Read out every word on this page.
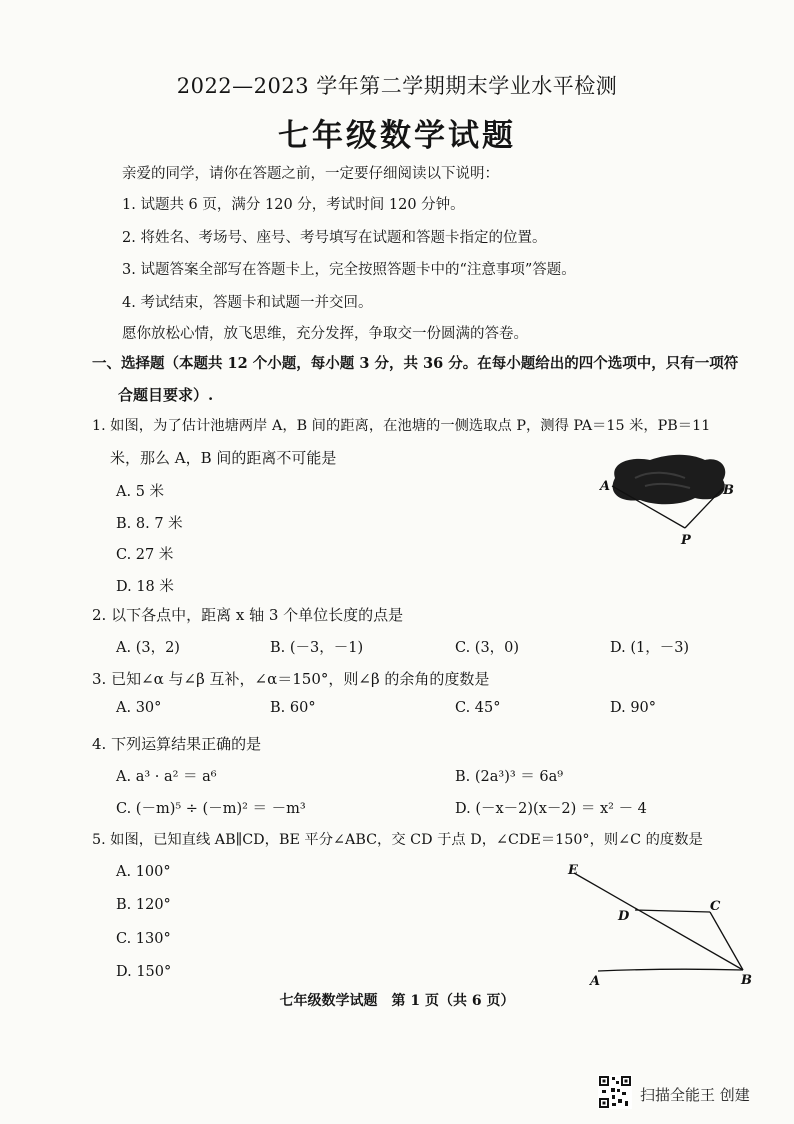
2022—2023 学年第二学期期末学业水平检测
七年级数学试题
亲爱的同学，请你在答题之前，一定要仔细阅读以下说明：
1. 试题共 6 页，满分 120 分，考试时间 120 分钟。
2. 将姓名、考场号、座号、考号填写在试题和答题卡指定的位置。
3. 试题答案全部写在答题卡上，完全按照答题卡中的“注意事项”答题。
4. 考试结束，答题卡和试题一并交回。
愿你放松心情，放飞思维，充分发挥，争取交一份圆满的答卷。
一、选择题（本题共 12 个小题，每小题 3 分，共 36 分。在每小题给出的四个选项中，只有一项符
合题目要求）.
1. 如图，为了估计池塘两岸 A，B 间的距离，在池塘的一侧选取点 P，测得 PA＝15 米，PB＝11
米，那么 A，B 间的距离不可能是
A. 5 米
B. 8. 7 米
C. 27 米
D. 18 米
A	B
P
2. 以下各点中，距离 x 轴 3 个单位长度的点是
A. (3，2)	B. (－3，－1)	C. (3，0)	D. (1，－3)
3. 已知∠α 与∠β 互补，∠α＝150°，则∠β 的余角的度数是
A. 30°	B. 60°	C. 45°	D. 90°
4. 下列运算结果正确的是
A. a³ · a² ＝ a⁶	B. (2a³)³ ＝ 6a⁹
C. (－m)⁵ ÷ (－m)² ＝ －m³	D. (－x－2)(x－2) ＝ x² － 4
5. 如图，已知直线 AB∥CD，BE 平分∠ABC，交 CD 于点 D，∠CDE＝150°，则∠C 的度数是
A. 100°
B. 120°
C. 130°
D. 150°
E
D
C
A	B
七年级数学试题　第 1 页（共 6 页）
扫描全能王 创建
